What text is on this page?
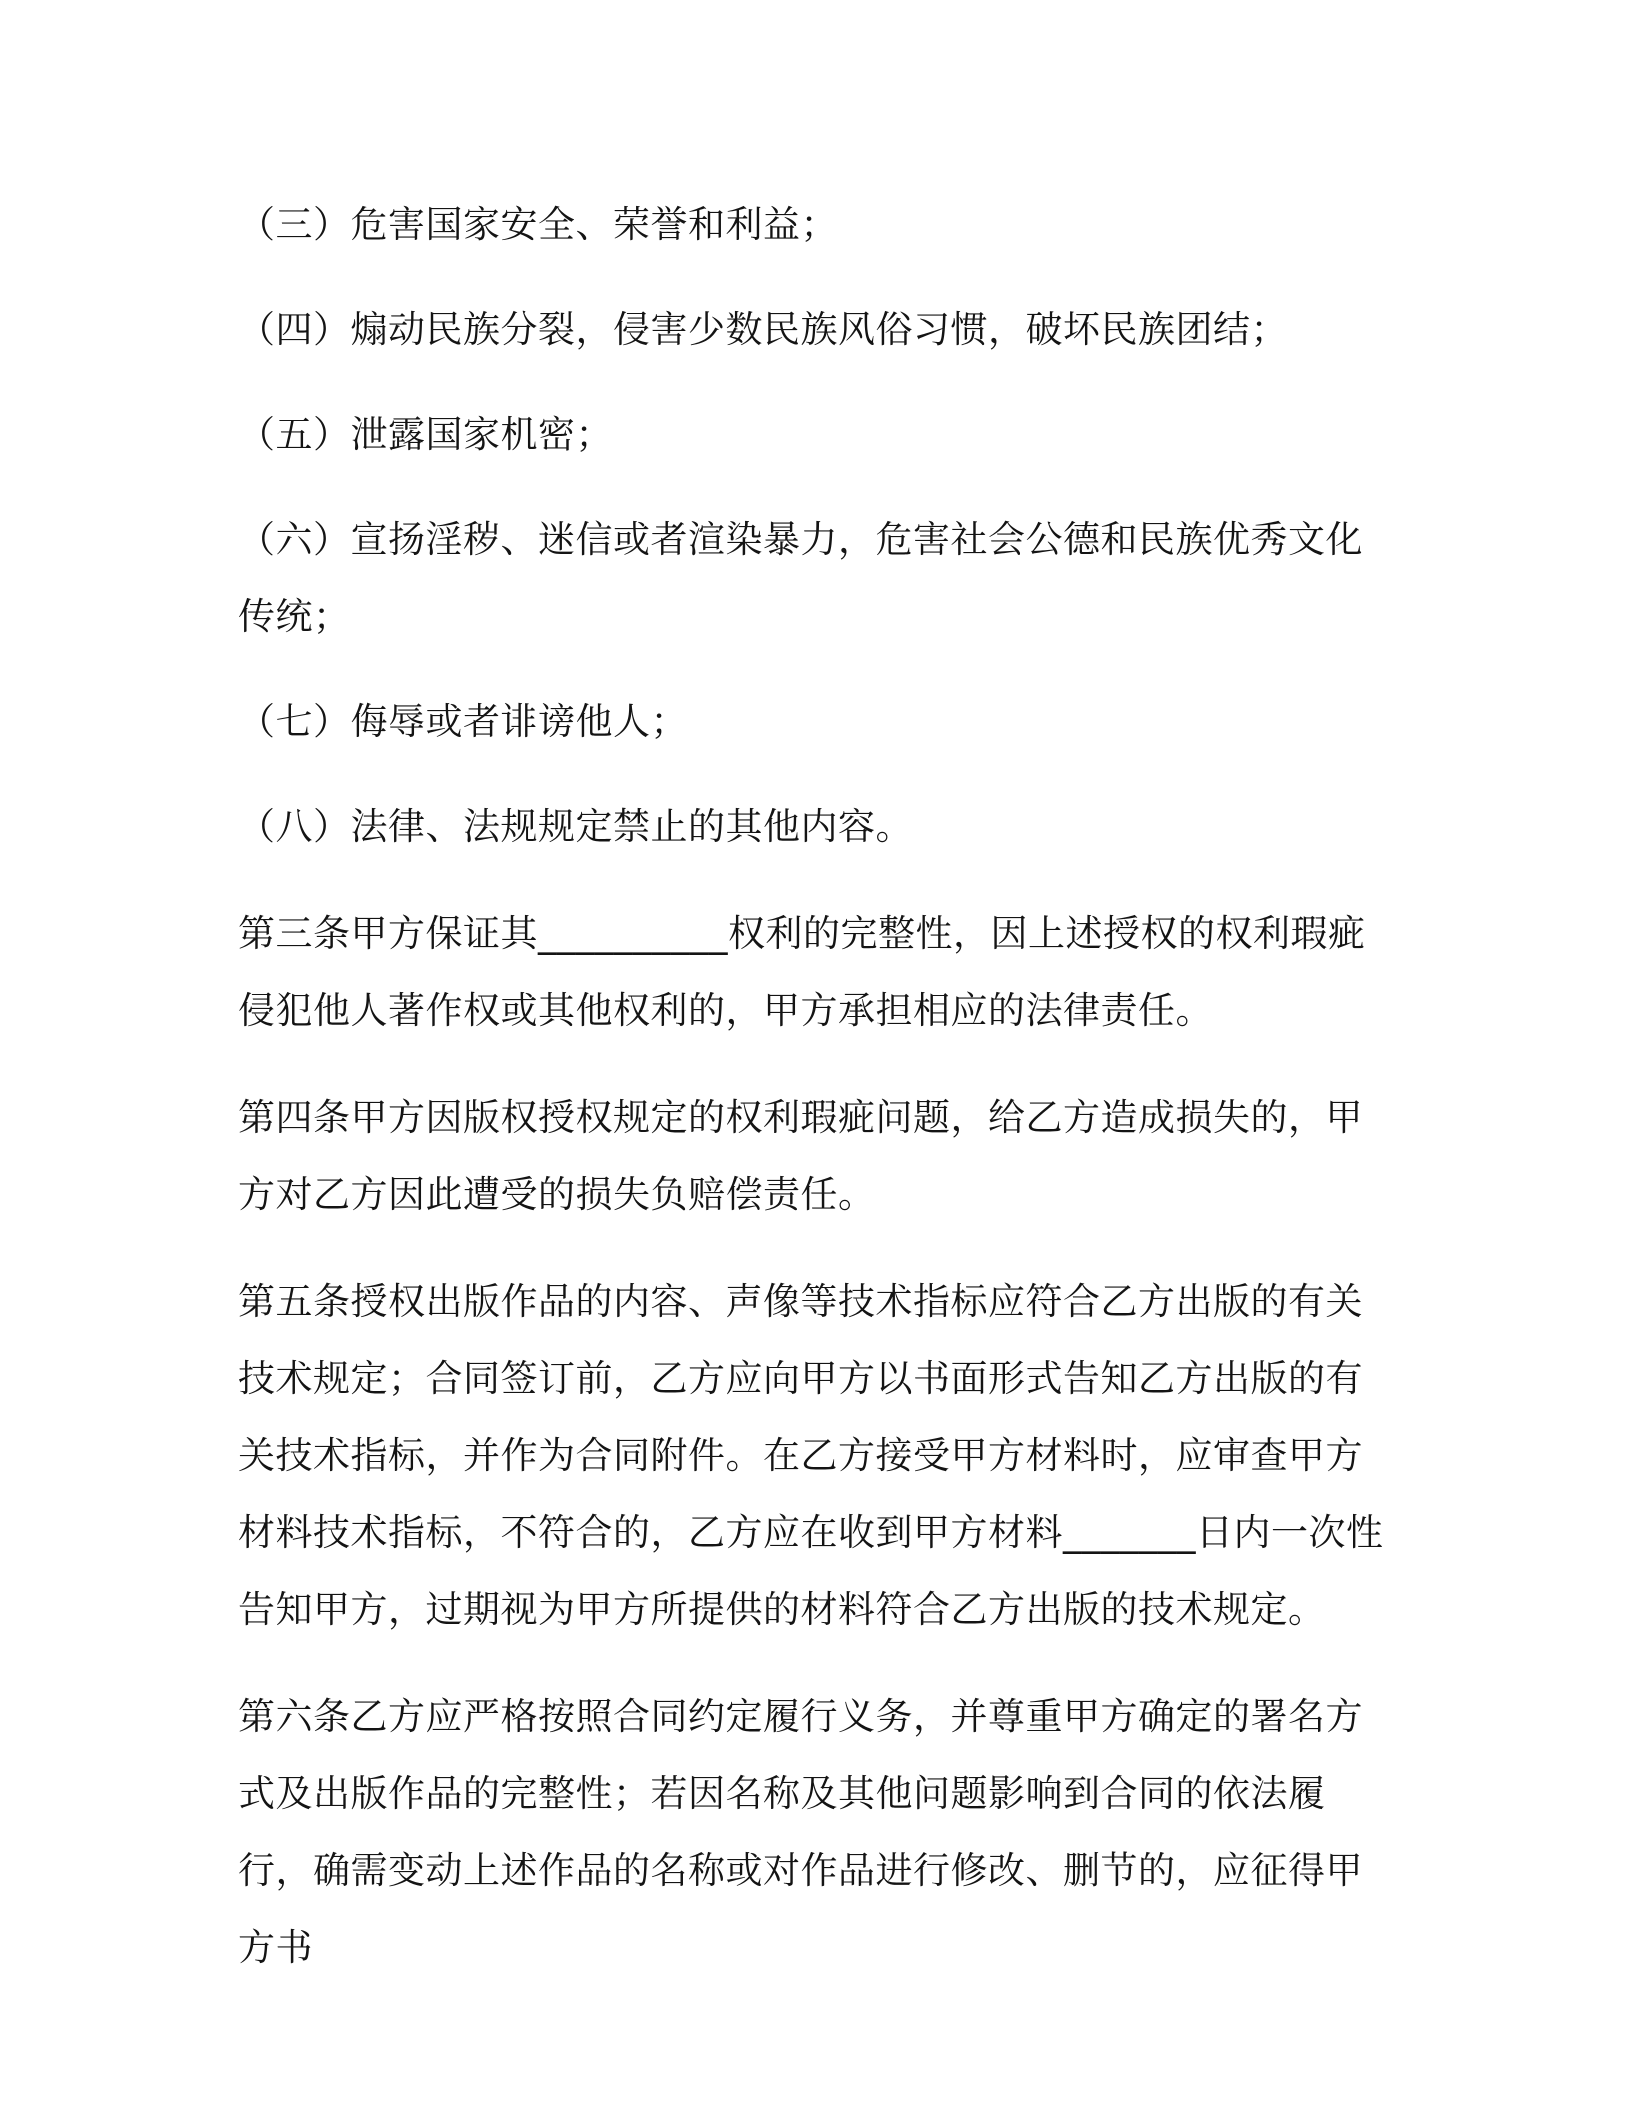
（三）危害国家安全、荣誉和利益；

（四）煽动民族分裂，侵害少数民族风俗习惯，破坏民族团结；

（五）泄露国家机密；

（六）宣扬淫秽、迷信或者渲染暴力，危害社会公德和民族优秀文化传统；

（七）侮辱或者诽谤他人；

（八）法律、法规规定禁止的其他内容。

第三条甲方保证其__________权利的完整性，因上述授权的权利瑕疵侵犯他人著作权或其他权利的，甲方承担相应的法律责任。

第四条甲方因版权授权规定的权利瑕疵问题，给乙方造成损失的，甲方对乙方因此遭受的损失负赔偿责任。

第五条授权出版作品的内容、声像等技术指标应符合乙方出版的有关技术规定；合同签订前，乙方应向甲方以书面形式告知乙方出版的有关技术指标，并作为合同附件。在乙方接受甲方材料时，应审查甲方材料技术指标，不符合的，乙方应在收到甲方材料_______日内一次性告知甲方，过期视为甲方所提供的材料符合乙方出版的技术规定。

第六条乙方应严格按照合同约定履行义务，并尊重甲方确定的署名方式及出版作品的完整性；若因名称及其他问题影响到合同的依法履行，确需变动上述作品的名称或对作品进行修改、删节的，应征得甲方书
